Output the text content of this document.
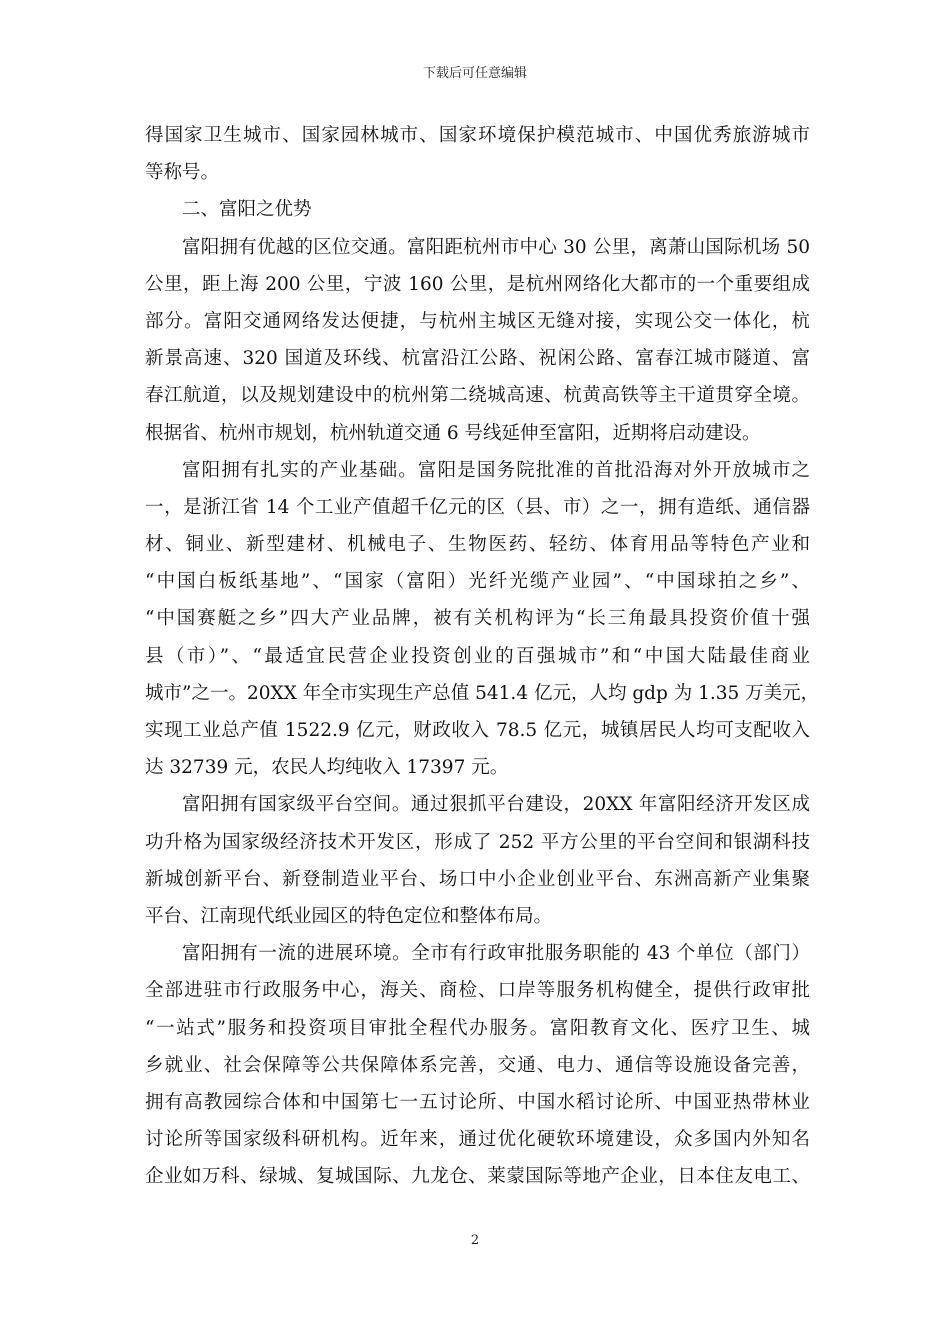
下载后可任意编辑
得国家卫生城市、国家园林城市、国家环境保护模范城市、中国优秀旅游城市
等称号。
二、富阳之优势
富阳拥有优越的区位交通。富阳距杭州市中心 30 公里，离萧山国际机场 50
公里，距上海 200 公里，宁波 160 公里，是杭州网络化大都市的一个重要组成
部分。富阳交通网络发达便捷，与杭州主城区无缝对接，实现公交一体化，杭
新景高速、320 国道及环线、杭富沿江公路、祝闲公路、富春江城市隧道、富
春江航道，以及规划建设中的杭州第二绕城高速、杭黄高铁等主干道贯穿全境。
根据省、杭州市规划，杭州轨道交通 6 号线延伸至富阳，近期将启动建设。
富阳拥有扎实的产业基础。富阳是国务院批准的首批沿海对外开放城市之
一，是浙江省 14 个工业产值超千亿元的区（县、市）之一，拥有造纸、通信器
材、铜业、新型建材、机械电子、生物医药、轻纺、体育用品等特色产业和
“中国白板纸基地”、“国家（富阳）光纤光缆产业园”、“中国球拍之乡”、
“中国赛艇之乡”四大产业品牌，被有关机构评为“长三角最具投资价值十强
县（市）”、“最适宜民营企业投资创业的百强城市”和“中国大陆最佳商业
城市”之一。20XX 年全市实现生产总值 541.4 亿元，人均 gdp 为 1.35 万美元，
实现工业总产值 1522.9 亿元，财政收入 78.5 亿元，城镇居民人均可支配收入
达 32739 元，农民人均纯收入 17397 元。
富阳拥有国家级平台空间。通过狠抓平台建设，20XX 年富阳经济开发区成
功升格为国家级经济技术开发区，形成了 252 平方公里的平台空间和银湖科技
新城创新平台、新登制造业平台、场口中小企业创业平台、东洲高新产业集聚
平台、江南现代纸业园区的特色定位和整体布局。
富阳拥有一流的进展环境。全市有行政审批服务职能的 43 个单位（部门）
全部进驻市行政服务中心，海关、商检、口岸等服务机构健全，提供行政审批
“一站式”服务和投资项目审批全程代办服务。富阳教育文化、医疗卫生、城
乡就业、社会保障等公共保障体系完善，交通、电力、通信等设施设备完善，
拥有高教园综合体和中国第七一五讨论所、中国水稻讨论所、中国亚热带林业
讨论所等国家级科研机构。近年来，通过优化硬软环境建设，众多国内外知名
企业如万科、绿城、复城国际、九龙仓、莱蒙国际等地产企业，日本住友电工、
2
